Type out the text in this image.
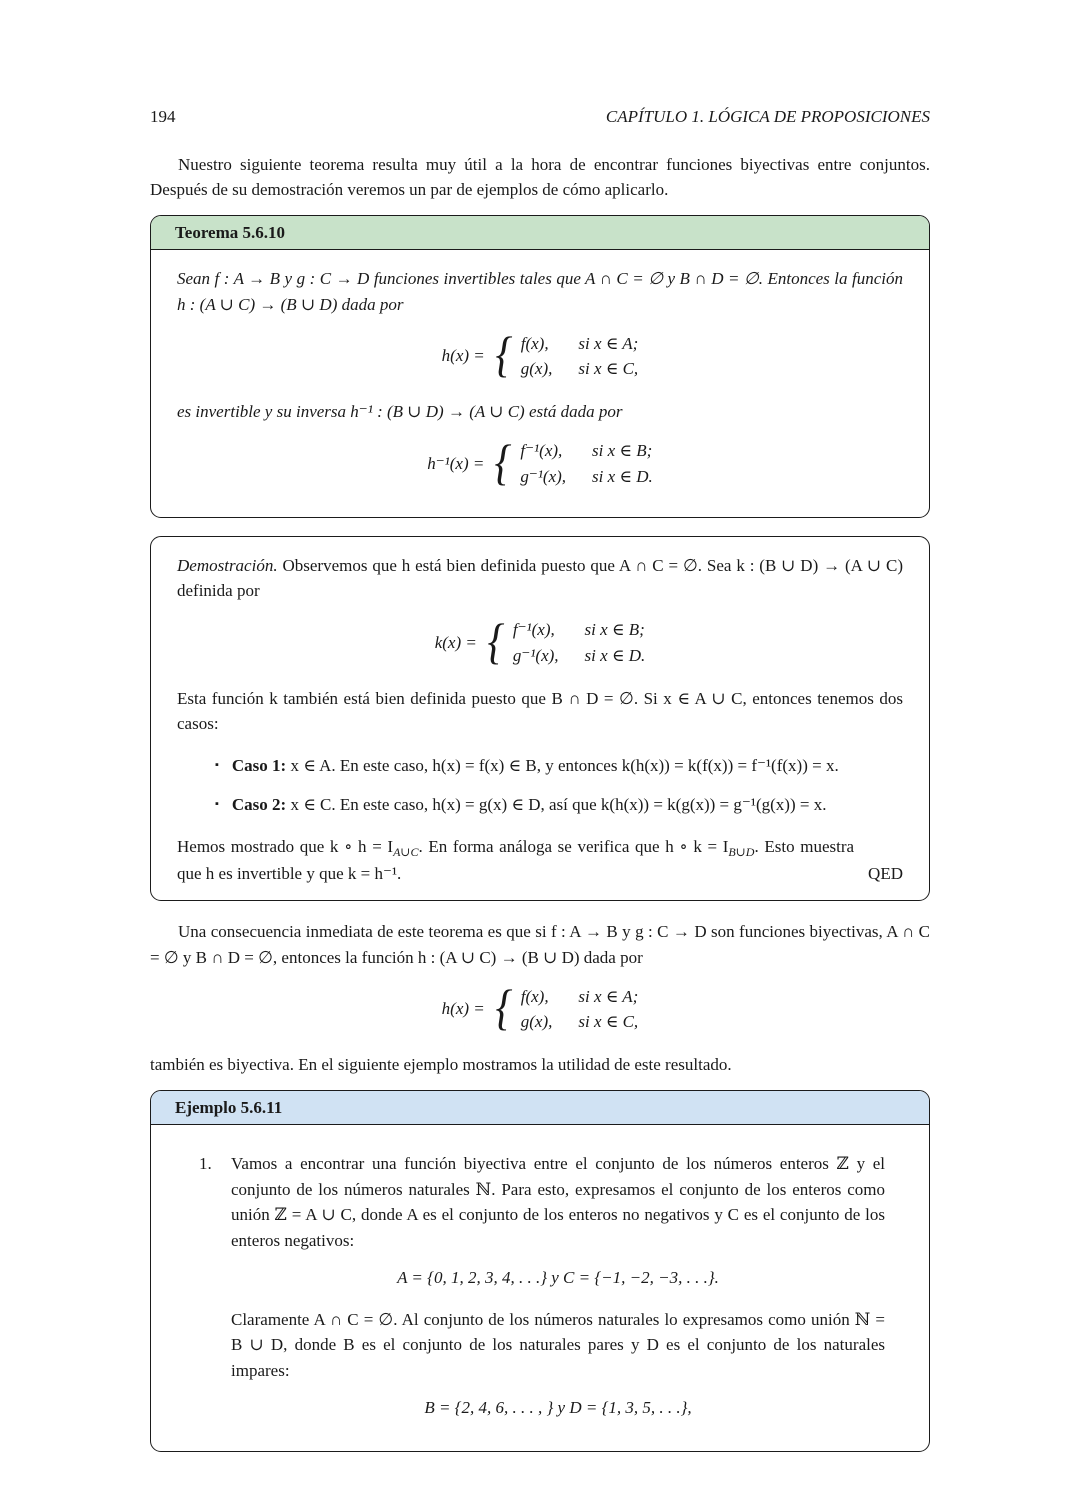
194	CAPÍTULO 1. LÓGICA DE PROPOSICIONES

Nuestro siguiente teorema resulta muy útil a la hora de encontrar funciones biyectivas entre conjuntos. Después de su demostración veremos un par de ejemplos de cómo aplicarlo.

Teorema 5.6.10

Sean f : A → B y g : C → D funciones invertibles tales que A ∩ C = ∅ y B ∩ D = ∅. Entonces la función h : (A ∪ C) → (B ∪ D) dada por

h(x) = { f(x), si x ∈ A;
g(x), si x ∈ C,

es invertible y su inversa h⁻¹ : (B ∪ D) → (A ∪ C) está dada por

h⁻¹(x) = { f⁻¹(x), si x ∈ B;
g⁻¹(x), si x ∈ D.

Demostración. Observemos que h está bien definida puesto que A ∩ C = ∅. Sea k : (B ∪ D) → (A ∪ C) definida por

k(x) = { f⁻¹(x), si x ∈ B;
g⁻¹(x), si x ∈ D.

Esta función k también está bien definida puesto que B ∩ D = ∅. Si x ∈ A ∪ C, entonces tenemos dos casos:

▪ Caso 1: x ∈ A. En este caso, h(x) = f(x) ∈ B, y entonces k(h(x)) = k(f(x)) = f⁻¹(f(x)) = x.

▪ Caso 2: x ∈ C. En este caso, h(x) = g(x) ∈ D, así que k(h(x)) = k(g(x)) = g⁻¹(g(x)) = x.

Hemos mostrado que k ∘ $h = I_{A\cup C}$. En forma análoga se verifica que h ∘ $k = I_{B\cup D}$. Esto muestra que h es invertible y que k = h⁻¹.	QED

Una consecuencia inmediata de este teorema es que si f : A → B y g : C → D son funciones biyectivas, A ∩ C = ∅ y B ∩ D = ∅, entonces la función h : (A ∪ C) → (B ∪ D) dada por

h(x) = { f(x), si x ∈ A;
g(x), si x ∈ C,

también es biyectiva. En el siguiente ejemplo mostramos la utilidad de este resultado.

Ejemplo 5.6.11
1.	Vamos a encontrar una función biyectiva entre el conjunto de los números enteros ℤ y el conjunto de los números naturales ℕ. Para esto, expresamos el conjunto de los enteros como unión ℤ = A ∪ C, donde A es el conjunto de los enteros no negativos y C es el conjunto de los enteros negativos:

A = {0, 1, 2, 3, 4, . . .} y C = {−1, −2, −3, . . .}.

Claramente A ∩ C = ∅. Al conjunto de los números naturales lo expresamos como unión ℕ = B ∪ D, donde B es el conjunto de los naturales pares y D es el conjunto de los naturales impares:

B = {2, 4, 6, . . . , } y D = {1, 3, 5, . . .},
